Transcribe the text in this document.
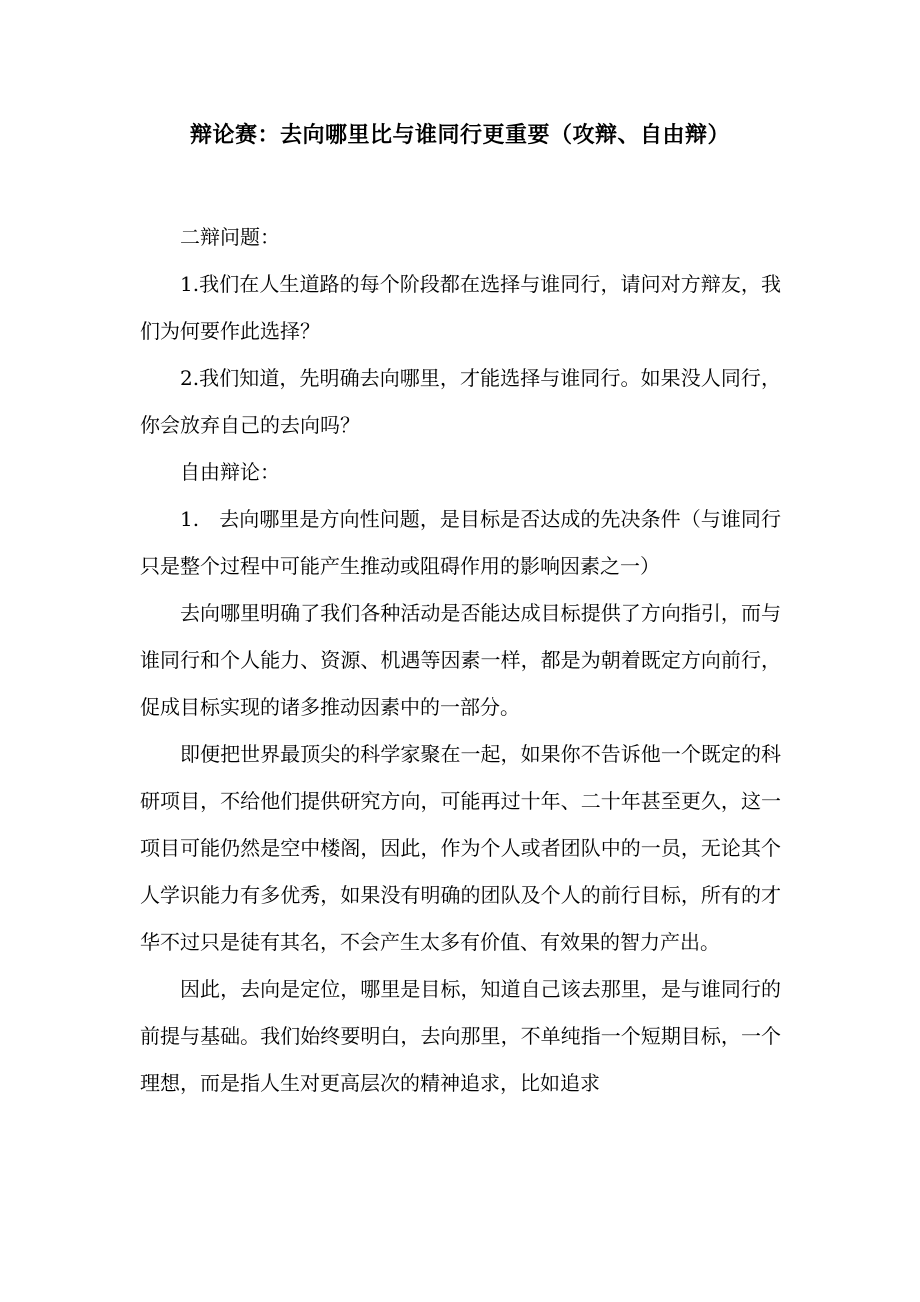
辩论赛：去向哪里比与谁同行更重要（攻辩、自由辩）

二辩问题：

1.我们在人生道路的每个阶段都在选择与谁同行，请问对方辩友，我们为何要作此选择？

2.我们知道，先明确去向哪里，才能选择与谁同行。如果没人同行，你会放弃自己的去向吗？

自由辩论：

1.　去向哪里是方向性问题，是目标是否达成的先决条件（与谁同行只是整个过程中可能产生推动或阻碍作用的影响因素之一）

去向哪里明确了我们各种活动是否能达成目标提供了方向指引，而与谁同行和个人能力、资源、机遇等因素一样，都是为朝着既定方向前行，促成目标实现的诸多推动因素中的一部分。

即便把世界最顶尖的科学家聚在一起，如果你不告诉他一个既定的科研项目，不给他们提供研究方向，可能再过十年、二十年甚至更久，这一项目可能仍然是空中楼阁，因此，作为个人或者团队中的一员，无论其个人学识能力有多优秀，如果没有明确的团队及个人的前行目标，所有的才华不过只是徒有其名，不会产生太多有价值、有效果的智力产出。

因此，去向是定位，哪里是目标，知道自己该去那里，是与谁同行的前提与基础。我们始终要明白，去向那里，不单纯指一个短期目标，一个理想，而是指人生对更高层次的精神追求，比如追求
